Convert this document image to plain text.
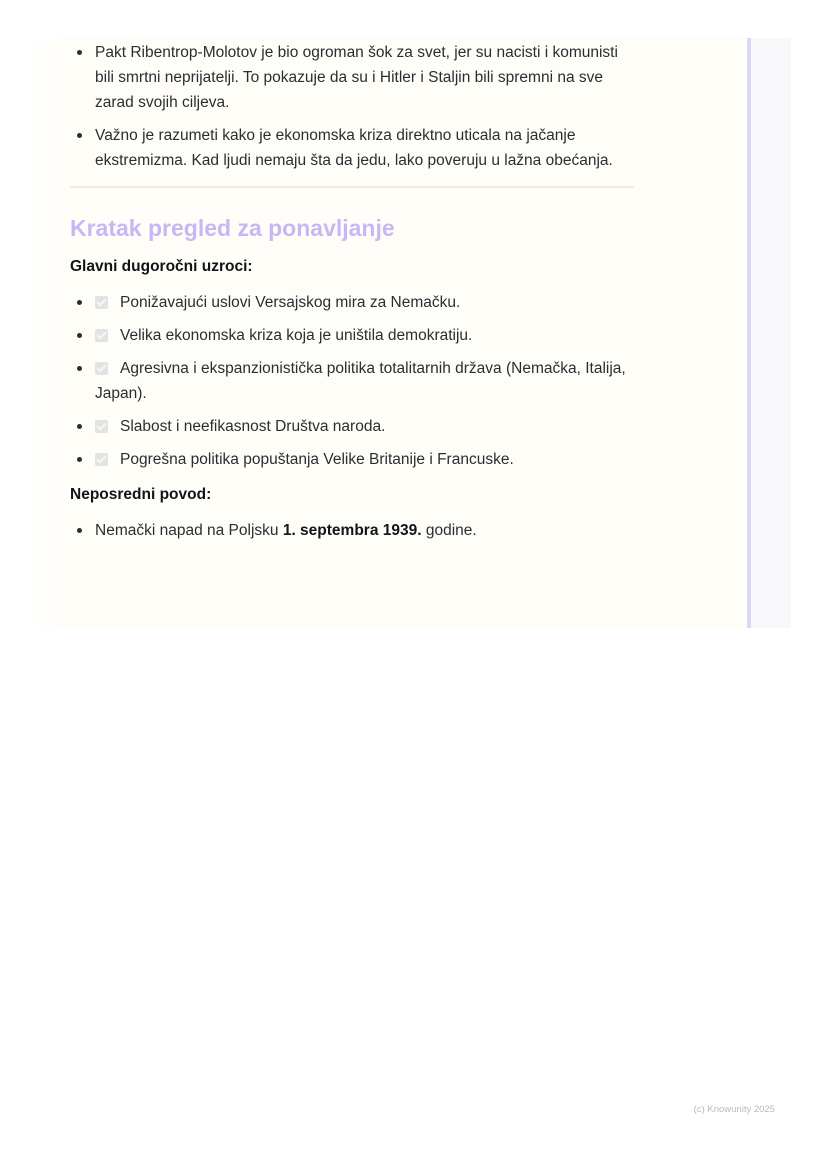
Pakt Ribentrop-Molotov je bio ogroman šok za svet, jer su nacisti i komunisti bili smrtni neprijatelji. To pokazuje da su i Hitler i Staljin bili spremni na sve zarad svojih ciljeva.
Važno je razumeti kako je ekonomska kriza direktno uticala na jačanje ekstremizma. Kad ljudi nemaju šta da jedu, lako poveruju u lažna obećanja.
Kratak pregled za ponavljanje
Glavni dugoročni uzroci:
Ponižavajući uslovi Versajskog mira za Nemačku.
Velika ekonomska kriza koja je uništila demokratiju.
Agresivna i ekspanzionistička politika totalitarnih država (Nemačka, Italija, Japan).
Slabost i neefikasnost Društva naroda.
Pogrešna politika popuštanja Velike Britanije i Francuske.
Neposredni povod:
Nemački napad na Poljsku 1. septembra 1939. godine.
(c) Knowunity 2025
